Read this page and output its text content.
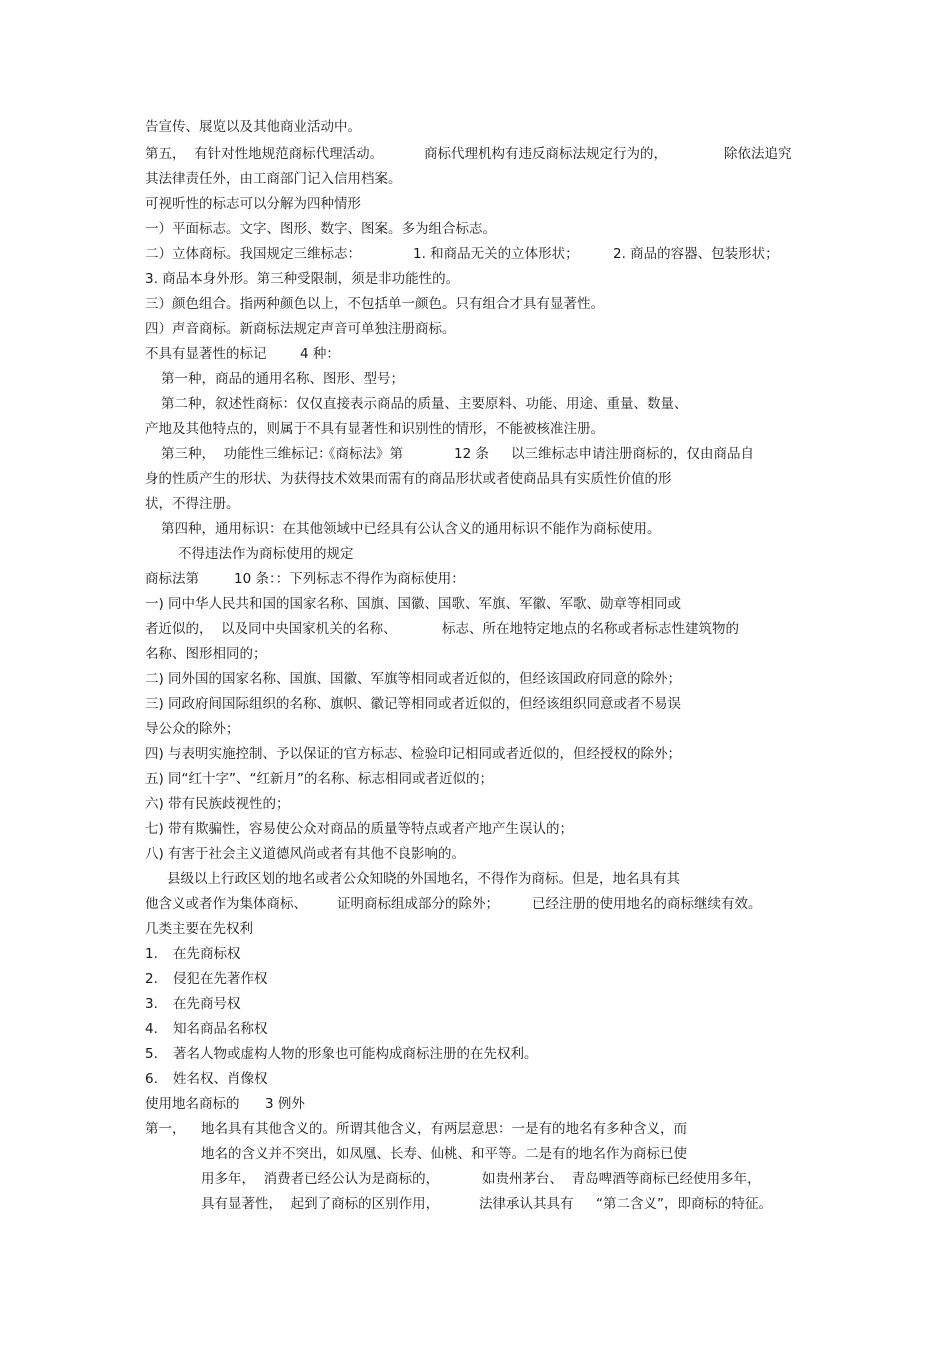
告宣传、展览以及其他商业活动中。
第五，  有针对性地规范商标代理活动。	商标代理机构有违反商标法规定行为的，	除依法追究
其法律责任外，由工商部门记入信用档案。
可视听性的标志可以分解为四种情形
一）平面标志。文字、图形、数字、图案。多为组合标志。
二）立体商标。我国规定三维标志：	1. 和商品无关的立体形状；	2. 商品的容器、包装形状；
3. 商品本身外形。第三种受限制，须是非功能性的。
三）颜色组合。指两种颜色以上，不包括单一颜色。只有组合才具有显著性。
四）声音商标。新商标法规定声音可单独注册商标。
不具有显著性的标记 4 种：
第一种，商品的通用名称、图形、型号；
第二种，叙述性商标：仅仅直接表示商品的质量、主要原料、功能、用途、重量、数量、
产地及其他特点的，则属于不具有显著性和识别性的情形，不能被核准注册。
第三种，  功能性三维标记：
《商标法》第	12 条 以三维标志申请注册商标的，仅由商品自
身的性质产生的形状、为获得技术效果而需有的商品形状或者使商品具有实质性价值的形
状，不得注册。
第四种，通用标识：在其他领域中已经具有公认含义的通用标识不能作为商标使用。
不得违法作为商标使用的规定
商标法第	10 条：：下列标志不得作为商标使用：
一) 同中华人民共和国的国家名称、国旗、国徽、国歌、军旗、军徽、军歌、勋章等相同或
者近似的，  以及同中央国家机关的名称、	标志、所在地特定地点的名称或者标志性建筑物的
名称、图形相同的；
二) 同外国的国家名称、国旗、国徽、军旗等相同或者近似的，但经该国政府同意的除外；
三) 同政府间国际组织的名称、旗帜、徽记等相同或者近似的，但经该组织同意或者不易误
导公众的除外；
四) 与表明实施控制、予以保证的官方标志、检验印记相同或者近似的，但经授权的除外；
五) 同“红十字”、“红新月”的名称、标志相同或者近似的；
六) 带有民族歧视性的；
七) 带有欺骗性，容易使公众对商品的质量等特点或者产地产生误认的；
八) 有害于社会主义道德风尚或者有其他不良影响的。
县级以上行政区划的地名或者公众知晓的外国地名，不得作为商标。但是，地名具有其
他含义或者作为集体商标、 证明商标组成部分的除外； 已经注册的使用地名的商标继续有效。
几类主要在先权利
1. 在先商标权
2. 侵犯在先著作权
3. 在先商号权
4. 知名商品名称权
5. 著名人物或虚构人物的形象也可能构成商标注册的在先权利。
6. 姓名权、肖像权
使用地名商标的 3 例外
第一， 地名具有其他含义的。所谓其他含义，有两层意思：一是有的地名有多种含义，而
地名的含义并不突出，如凤凰、长寿、仙桃、和平等。二是有的地名作为商标已使
用多年，  消费者已经公认为是商标的，	如贵州茅台、  青岛啤酒等商标已经使用多年，
具有显著性，  起到了商标的区别作用，	法律承认其具有 “第二含义”，即商标的特征。
